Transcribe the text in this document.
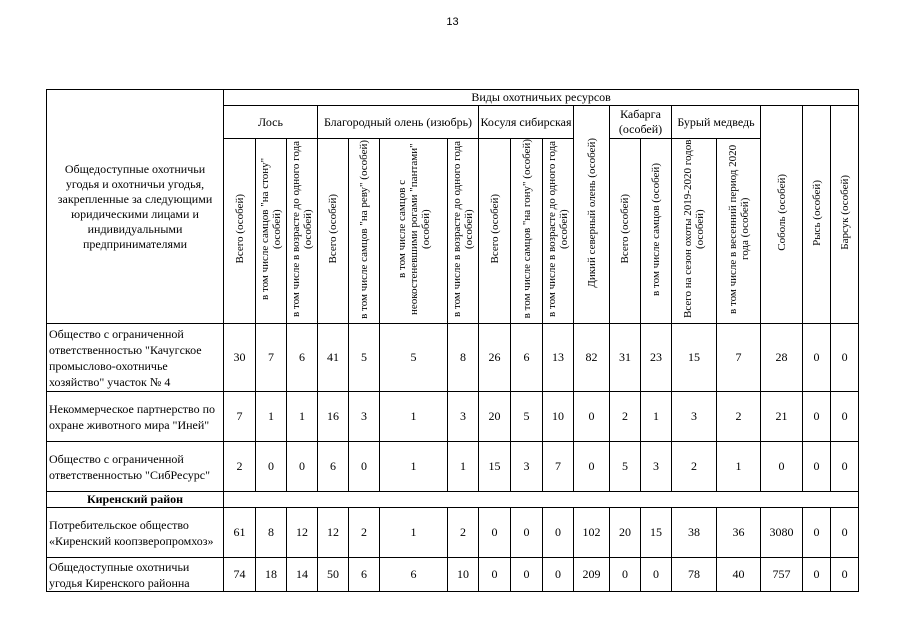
13
Общедоступные охотничьи угодья и охотничьи угодья, закрепленные за следующими юридическими лицами и индивидуальными предпринимателями	Виды охотничьих ресурсов																	
	Лось			Благородный олень (изюбрь)				Косуля сибирская			Дикий северный олень (особей)	Кабарга (особей)		Бурый медведь		Соболь (особей)	Рысь (особей)	Барсук (особей)
	Всего (особей)	в том числе самцов "на стону" (особей)	в том числе в возрасте до одного года (особей)	Всего (особей)	в том числе самцов "на реву" (особей)	в том числе самцов с неокостеневшими рогами "пантами" (особей)	в том числе в возрасте до одного года (особей)	Всего (особей)	в том числе самцов "на гону" (особей)	в том числе в возрасте до одного года (особей)		Всего (особей)	в том числе самцов (особей)	Всего на сезон охоты 2019-2020 годов (особей)	в том числе в весенний период 2020 года (особей)			
Общество с ограниченной ответственностью "Качугское промыслово-охотничье хозяйство" участок № 4	30	7	6	41	5	5	8	26	6	13	82	31	23	15	7	28	0	0
Некоммерческое партнерство по охране животного мира "Иней"	7	1	1	16	3	1	3	20	5	10	0	2	1	3	2	21	0	0
Общество с ограниченной ответственностью "СибРесурс"	2	0	0	6	0	1	1	15	3	7	0	5	3	2	1	0	0	0
Киренский район																		
Потребительское общество «Киренский коопзверопромхоз»	61	8	12	12	2	1	2	0	0	0	102	20	15	38	36	3080	0	0
Общедоступные охотничьи угодья Киренского районна	74	18	14	50	6	6	10	0	0	0	209	0	0	78	40	757	0	0
